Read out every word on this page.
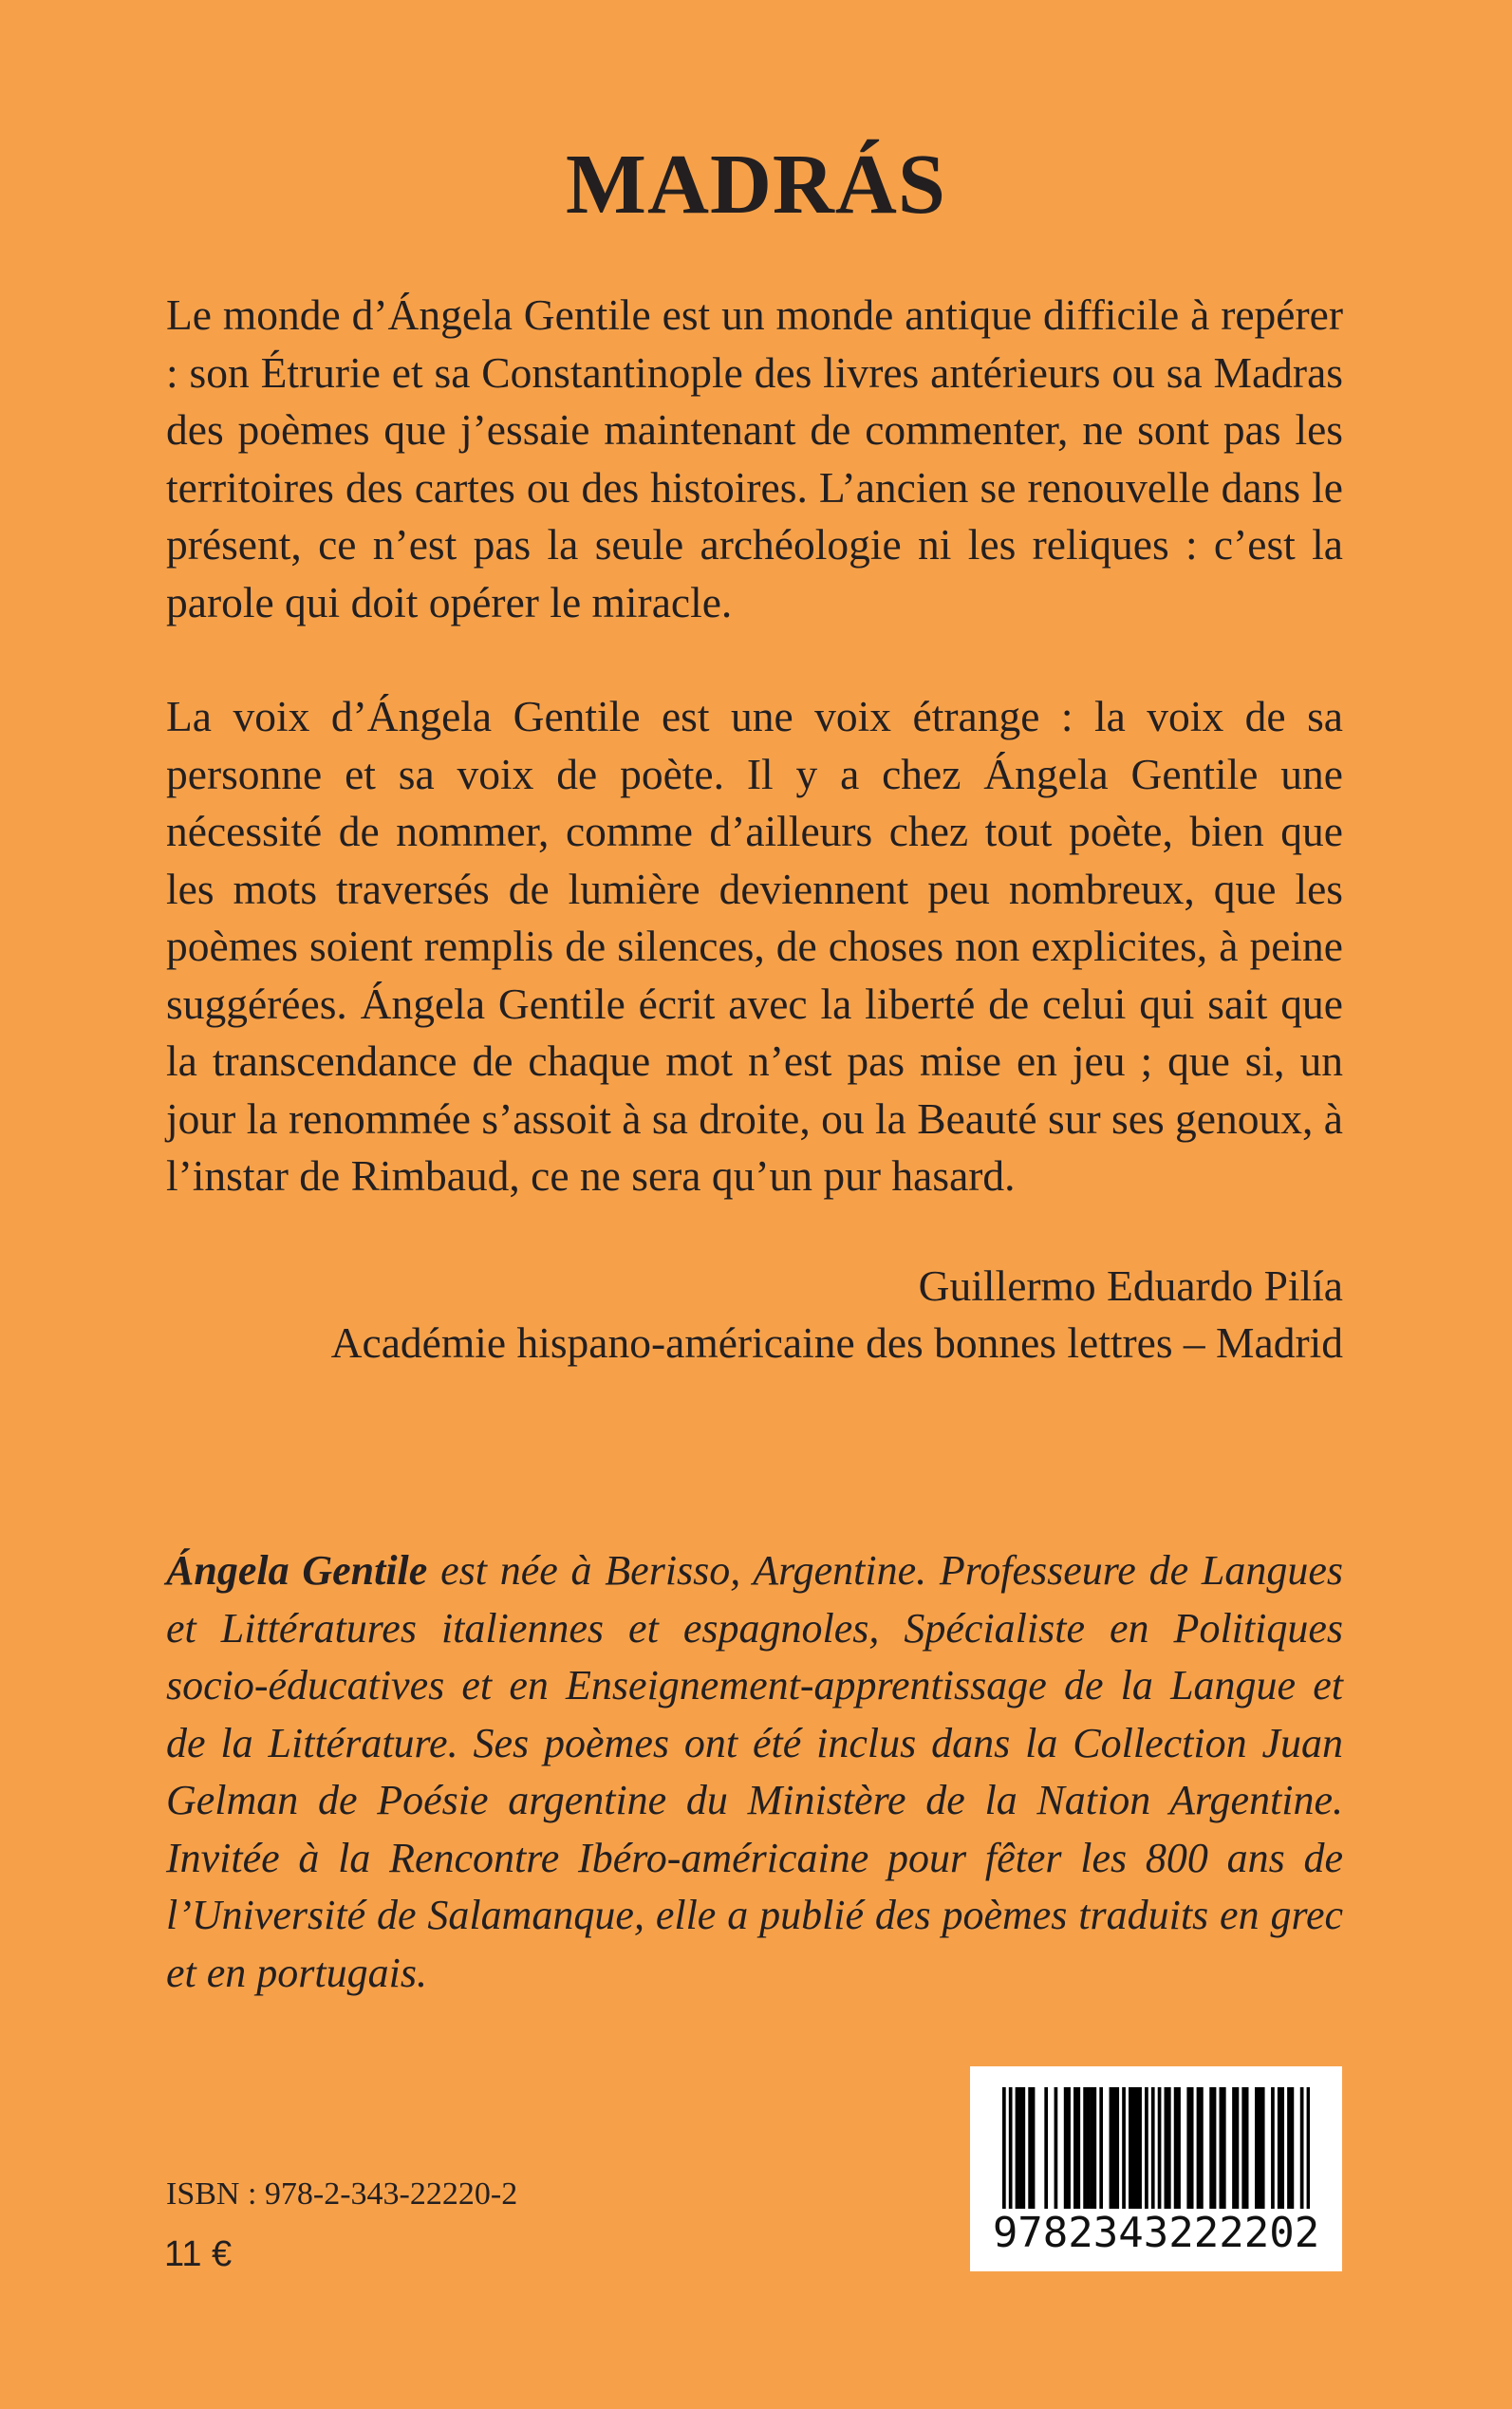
MADRÁS

Le monde d’Ángela Gentile est un monde antique difficile à repérer : son Étrurie et sa Constantinople des livres antérieurs ou sa Madras des poèmes que j’essaie maintenant de commenter, ne sont pas les territoires des cartes ou des histoires. L’ancien se renouvelle dans le présent, ce n’est pas la seule archéologie ni les reliques : c’est la parole qui doit opérer le miracle.

La voix d’Ángela Gentile est une voix étrange : la voix de sa personne et sa voix de poète. Il y a chez Ángela Gentile une nécessité de nommer, comme d’ailleurs chez tout poète, bien que les mots traversés de lumière deviennent peu nombreux, que les poèmes soient remplis de silences, de choses non explicites, à peine suggérées. Ángela Gentile écrit avec la liberté de celui qui sait que la transcendance de chaque mot n’est pas mise en jeu ; que si, un jour la renommée s’assoit à sa droite, ou la Beauté sur ses genoux, à l’instar de Rimbaud, ce ne sera qu’un pur hasard.

Guillermo Eduardo Pilía
Académie hispano-américaine des bonnes lettres – Madrid

Ángela Gentile est née à Berisso, Argentine. Professeure de Langues et Littératures italiennes et espagnoles, Spécialiste en Politiques socio-éducatives et en Enseignement-apprentissage de la Langue et de la Littérature. Ses poèmes ont été inclus dans la Collection Juan Gelman de Poésie argentine du Ministère de la Nation Argentine. Invitée à la Rencontre Ibéro-américaine pour fêter les 800 ans de l’Université de Salamanque, elle a publié des poèmes traduits en grec et en portugais.

ISBN : 978-2-343-22220-2
11 €	9782343222202
